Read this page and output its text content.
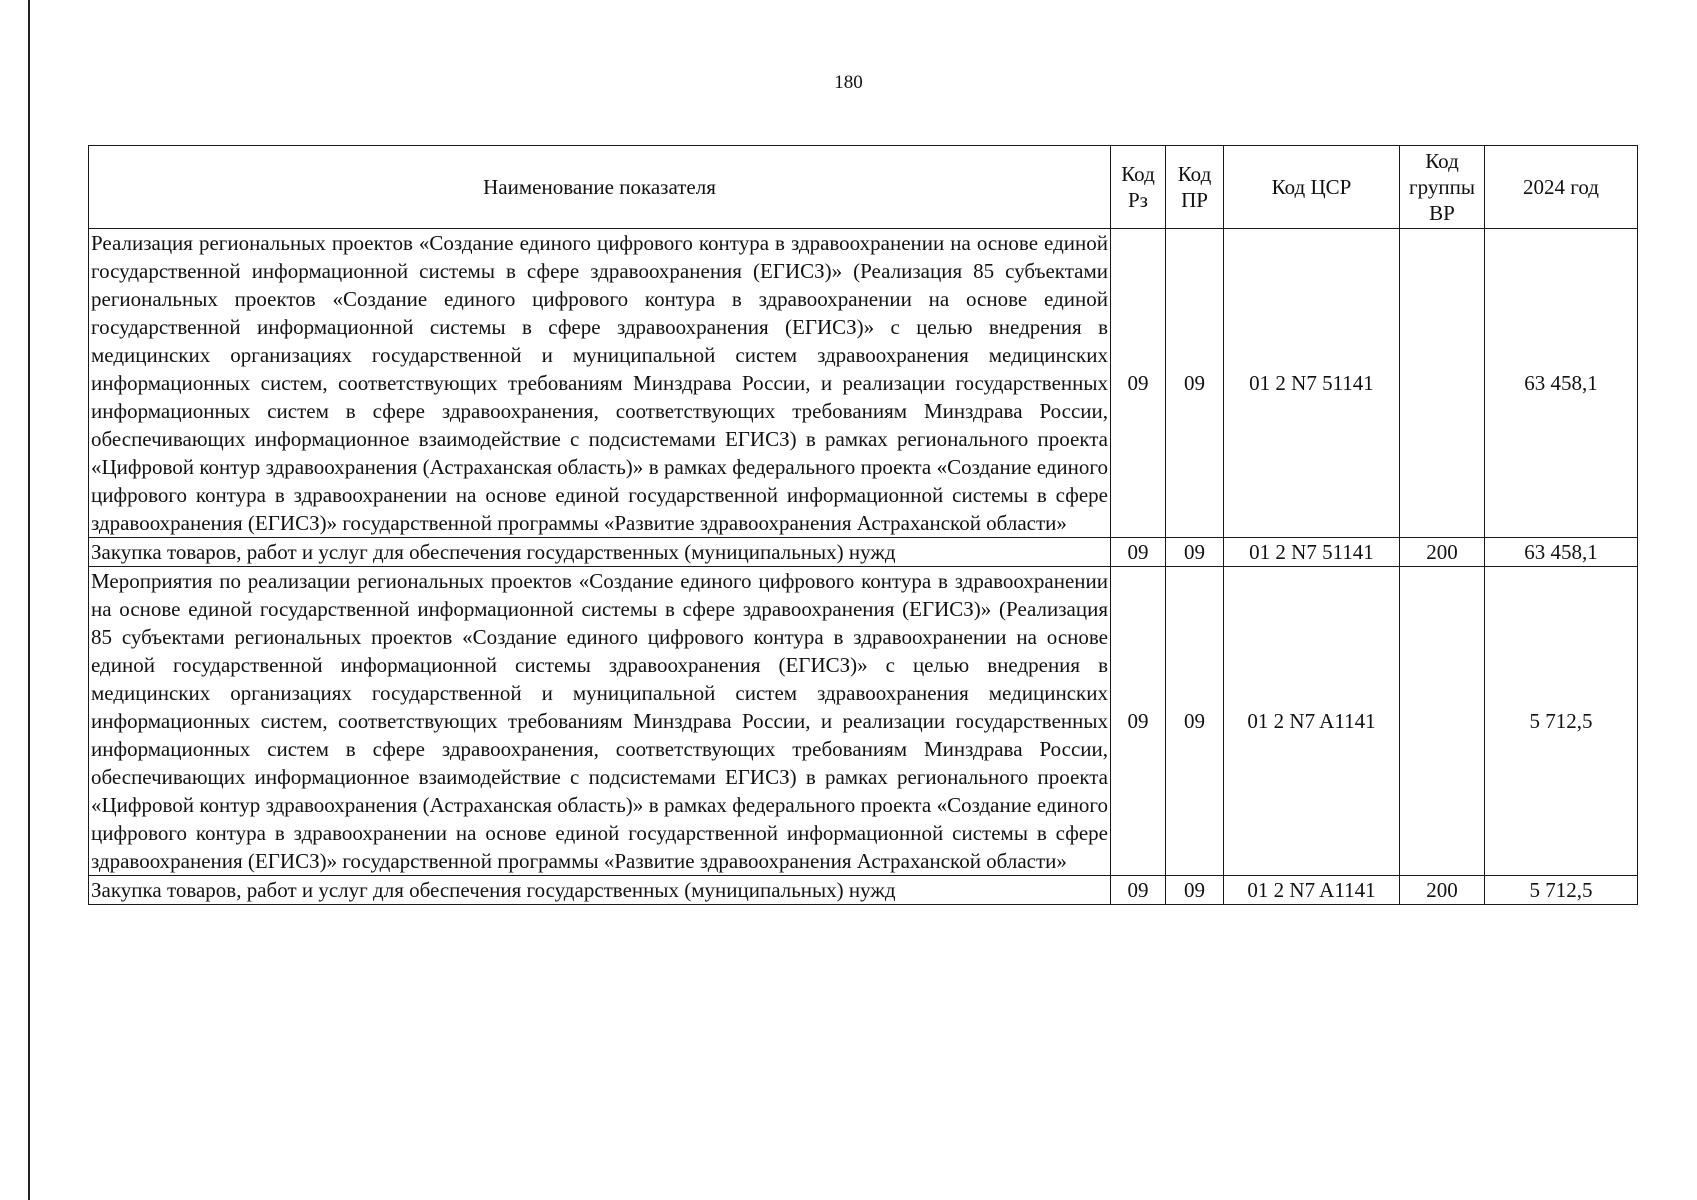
180
Наименование показателя	Код Рз	Код ПР	Код ЦСР	Код группы ВР	2024 год
Реализация региональных проектов «Создание единого цифрового контура в здравоохранении на основе единой государственной информационной системы в сфере здравоохранения (ЕГИСЗ)» (Реализация 85 субъектами региональных проектов «Создание единого цифрового контура в здравоохранении на основе единой государственной информационной системы в сфере здравоохранения (ЕГИСЗ)» с целью внедрения в медицинских организациях государственной и муниципальной систем здравоохранения медицинских информационных систем, соответствующих требованиям Минздрава России, и реализации государственных информационных систем в сфере здравоохранения, соответствующих требованиям Минздрава России, обеспечивающих информационное взаимодействие с подсистемами ЕГИСЗ) в рамках регионального проекта «Цифровой контур здравоохранения (Астраханская область)» в рамках федерального проекта «Создание единого цифрового контура в здравоохранении на основе единой государственной информационной системы в сфере здравоохранения (ЕГИСЗ)» государственной программы «Развитие здравоохранения Астраханской области»	09	09	01 2 N7 51141		63 458,1
Закупка товаров, работ и услуг для обеспечения государственных (муниципальных) нужд	09	09	01 2 N7 51141	200	63 458,1
Мероприятия по реализации региональных проектов «Создание единого цифрового контура в здравоохранении на основе единой государственной информационной системы в сфере здравоохранения (ЕГИСЗ)» (Реализация 85 субъектами региональных проектов «Создание единого цифрового контура в здравоохранении на основе единой государственной информационной системы здравоохранения (ЕГИСЗ)» с целью внедрения в медицинских организациях государственной и муниципальной систем здравоохранения медицинских информационных систем, соответствующих требованиям Минздрава России, и реализации государственных информационных систем в сфере здравоохранения, соответствующих требованиям Минздрава России, обеспечивающих информационное взаимодействие с подсистемами ЕГИСЗ) в рамках регионального проекта «Цифровой контур здравоохранения (Астраханская область)» в рамках федерального проекта «Создание единого цифрового контура в здравоохранении на основе единой государственной информационной системы в сфере здравоохранения (ЕГИСЗ)» государственной программы «Развитие здравоохранения Астраханской области»	09	09	01 2 N7 A1141		5 712,5
Закупка товаров, работ и услуг для обеспечения государственных (муниципальных) нужд	09	09	01 2 N7 A1141	200	5 712,5
